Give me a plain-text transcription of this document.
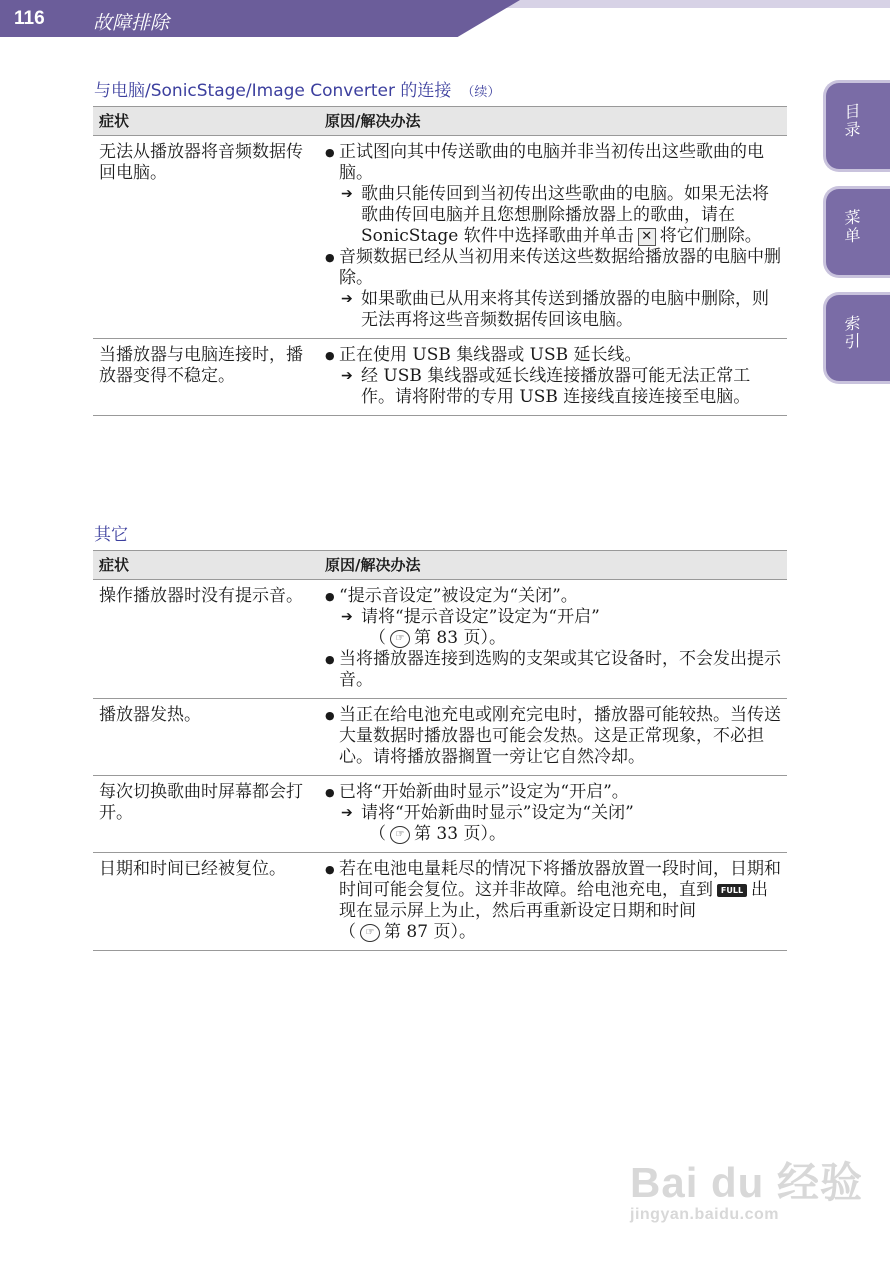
116	故障排除
目录
菜单
索引
与电脑/SonicStage/Image Converter 的连接 （续）
症状	原因/解决办法
无法从播放器将音频数据传回电脑。	● 正试图向其中传送歌曲的电脑并非当初传出这些歌曲的电脑。
➔ 歌曲只能传回到当初传出这些歌曲的电脑。如果无法将歌曲传回电脑并且您想删除播放器上的歌曲，请在 SonicStage 软件中选择歌曲并单击 ✕ 将它们删除。
● 音频数据已经从当初用来传送这些数据给播放器的电脑中删除。
➔ 如果歌曲已从用来将其传送到播放器的电脑中删除，则无法再将这些音频数据传回该电脑。

当播放器与电脑连接时，播放器变得不稳定。	● 正在使用 USB 集线器或 USB 延长线。
➔ 经 USB 集线器或延长线连接播放器可能无法正常工作。请将附带的专用 USB 连接线直接连接至电脑。
其它
症状	原因/解决办法
操作播放器时没有提示音。	● “提示音设定”被设定为“关闭”。
➔ 请将“提示音设定”设定为“开启”
（ ☞ 第 83 页）。
● 当将播放器连接到选购的支架或其它设备时，不会发出提示音。

播放器发热。	● 当正在给电池充电或刚充完电时，播放器可能较热。当传送大量数据时播放器也可能会发热。这是正常现象，不必担心。请将播放器搁置一旁让它自然冷却。

每次切换歌曲时屏幕都会打开。	● 已将“开始新曲时显示”设定为“开启”。
➔ 请将“开始新曲时显示”设定为“关闭”
（ ☞ 第 33 页）。

日期和时间已经被复位。	● 若在电池电量耗尽的情况下将播放器放置一段时间，日期和时间可能会复位。这并非故障。给电池充电，直到 FULL 出现在显示屏上为止，然后再重新设定日期和时间
（ ☞ 第 87 页）。
Bai du 经验
jingyan.baidu.com
